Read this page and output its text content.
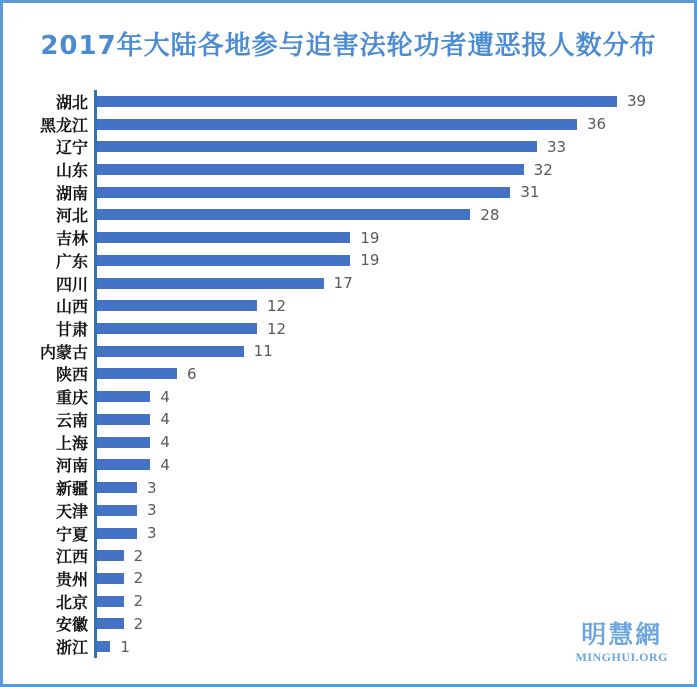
2017年大陆各地参与迫害法轮功者遭恶报人数分布
湖北	39
黑龙江	36
辽宁	33
山东	32
湖南	31
河北	28
吉林	19
广东	19
四川	17
山西	12
甘肃	12
内蒙古	11
陕西	6
重庆	4
云南	4
上海	4
河南	4
新疆	3
天津	3
宁夏	3
江西	2
贵州	2
北京	2
安徽	2
浙江 1	明慧網
MINGHUI.ORG
